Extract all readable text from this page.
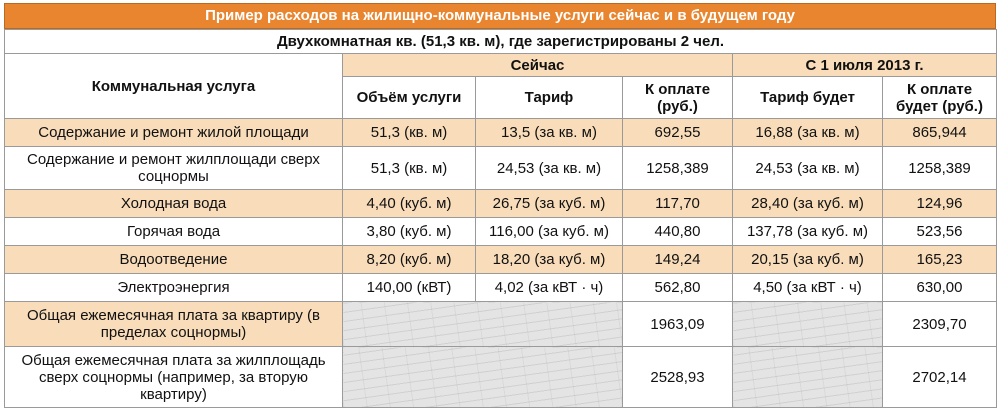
Пример расходов на жилищно-коммунальные услуги сейчас и в будущем году
Двухкомнатная кв. (51,3 кв. м), где зарегистрированы 2 чел.					
Коммунальная услуга	Сейчас			С 1 июля 2013 г.	
	Объём услуги	Тариф	К оплате (руб.)	Тариф будет	К оплате будет (руб.)
Содержание и ремонт жилой площади	51,3 (кв. м)	13,5 (за кв. м)	692,55	16,88 (за кв. м)	865,944
Содержание и ремонт жилплощади сверх соцнормы	51,3 (кв. м)	24,53 (за кв. м)	1258,389	24,53 (за кв. м)	1258,389
Холодная вода	4,40 (куб. м)	26,75 (за куб. м)	117,70	28,40 (за куб. м)	124,96
Горячая вода	3,80 (куб. м)	116,00 (за куб. м)	440,80	137,78 (за куб. м)	523,56
Водоотведение	8,20 (куб. м)	18,20 (за куб. м)	149,24	20,15 (за куб. м)	165,23
Электроэнергия	140,00 (кВТ)	4,02 (за кВТ · ч)	562,80	4,50 (за кВТ · ч)	630,00
Общая ежемесячная плата за квартиру (в пределах соцнормы)			1963,09		2309,70
Общая ежемесячная плата за жилплощадь сверх соцнормы (например, за вторую квартиру)			2528,93		2702,14
